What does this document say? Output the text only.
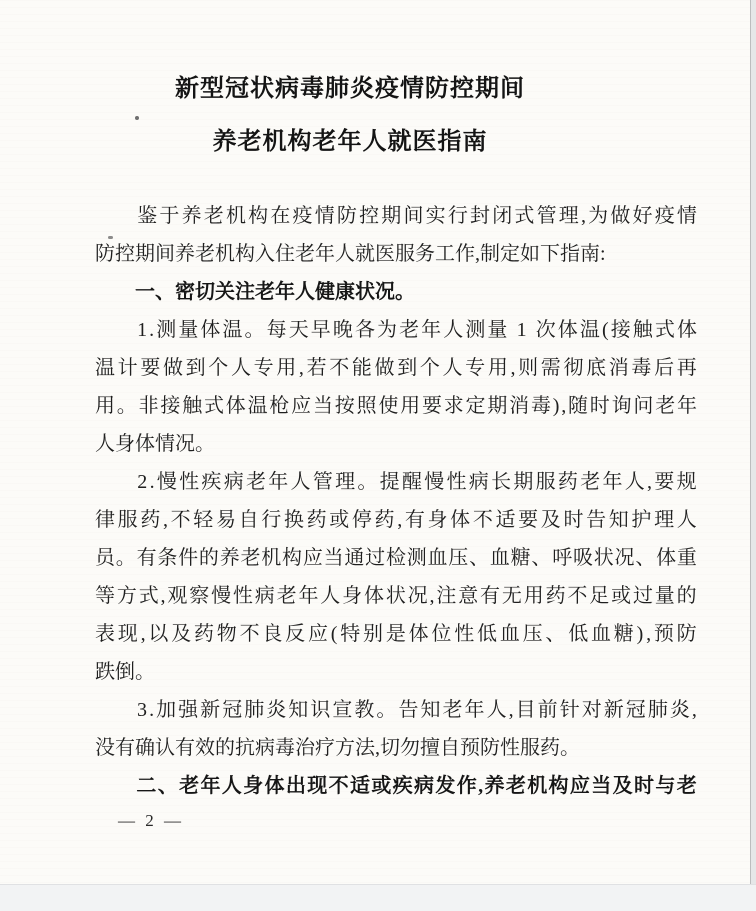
新型冠状病毒肺炎疫情防控期间
养老机构老年人就医指南
鉴 于 养 老 机 构 在 疫 情 防 控 期 间 实 行 封 闭 式 管 理 , 为 做 好 疫 情
防控期间养老机构入住老年人就医服务工作,制定如下指南:
一、密切关注老年人健康状况。
1 . 测 量 体 温 。 每 天 早 晚 各 为 老 年 人 测 量
1
次 体 温 ( 接 触 式 体
温 计 要 做 到 个 人 专 用 , 若 不 能 做 到 个 人 专 用 , 则 需 彻 底 消 毒 后 再
用 。 非 接 触 式 体 温 枪 应 当 按 照 使 用 要 求 定 期 消 毒 ) , 随 时 询 问 老 年
人身体情况。
2 . 慢 性 疾 病 老 年 人 管 理 。 提 醒 慢 性 病 长 期 服 药 老 年 人 , 要 规
律 服 药 , 不 轻 易 自 行 换 药 或 停 药 , 有 身 体 不 适 要 及 时 告 知 护 理 人
员 。 有 条 件 的 养 老 机 构 应 当 通 过 检 测 血 压 、 血 糖 、 呼 吸 状 况 、 体 重
等 方 式 , 观 察 慢 性 病 老 年 人 身 体 状 况 , 注 意 有 无 用 药 不 足 或 过 量 的
表 现 , 以 及 药 物 不 良 反 应 ( 特 别 是 体 位 性 低 血 压 、 低 血 糖 ) , 预 防
跌倒。
3 . 加 强 新 冠 肺 炎 知 识 宣 教 。 告 知 老 年 人 , 目 前 针 对 新 冠 肺 炎 ,
没有确认有效的抗病毒治疗方法,切勿擅自预防性服药。
二 、 老 年 人 身 体 出 现 不 适 或 疾 病 发 作 , 养 老 机 构 应 当 及 时 与 老
— 2 —
